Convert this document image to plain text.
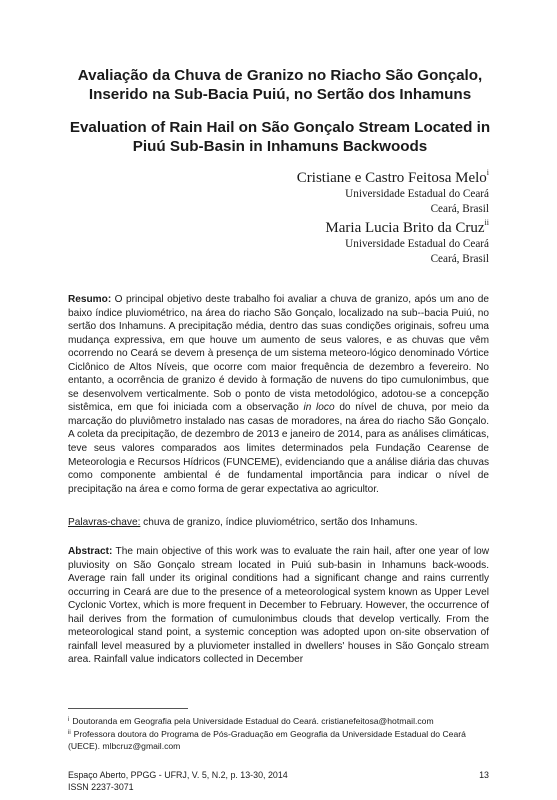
Avaliação da Chuva de Granizo no Riacho São Gonçalo,
Inserido na Sub-Bacia Puiú, no Sertão dos Inhamuns
Evaluation of Rain Hail on São Gonçalo Stream Located in
Piuú Sub-Basin in Inhamuns Backwoods
Cristiane e Castro Feitosa Melo$^i$
Universidade Estadual do Ceará
Ceará, Brasil
Maria Lucia Brito da Cruz$^{ii}$
Universidade Estadual do Ceará
Ceará, Brasil

Resumo: O principal objetivo deste trabalho foi avaliar a chuva de granizo, após um ano de baixo índice pluviométrico, na área do riacho São Gonçalo, localizado na sub--bacia Puiú, no sertão dos Inhamuns. A precipitação média, dentro das suas condições originais, sofreu uma mudança expressiva, em que houve um aumento de seus valores, e as chuvas que vêm ocorrendo no Ceará se devem à presença de um sistema meteoro-lógico denominado Vórtice Ciclônico de Altos Níveis, que ocorre com maior frequência de dezembro a fevereiro. No entanto, a ocorrência de granizo é devido à formação de nuvens do tipo cumulonimbus, que se desenvolvem verticalmente. Sob o ponto de vista metodológico, adotou-se a concepção sistêmica, em que foi iniciada com a observação in loco do nível de chuva, por meio da marcação do pluviômetro instalado nas casas de moradores, na área do riacho São Gonçalo. A coleta da precipitação, de dezembro de 2013 e janeiro de 2014, para as análises climáticas, teve seus valores comparados aos limites determinados pela Fundação Cearense de Meteorologia e Recursos Hídricos (FUNCEME), evidenciando que a análise diária das chuvas como componente ambiental é de fundamental importância para indicar o nível de precipitação na área e como forma de gerar expectativa ao agricultor.

Palavras-chave: chuva de granizo, índice pluviométrico, sertão dos Inhamuns.

Abstract: The main objective of this work was to evaluate the rain hail, after one year of low pluviosity on São Gonçalo stream located in Puiú sub-basin in Inhamuns back-woods. Average rain fall under its original conditions had a significant change and rains currently occurring in Ceará are due to the presence of a meteorological system known as Upper Level Cyclonic Vortex, which is more frequent in December to February. However, the occurrence of hail derives from the formation of cumulonimbus clouds that develop vertically. From the meteorological stand point, a systemic conception was adopted upon on-site observation of rainfall level measured by a pluviometer installed in dwellers' houses in São Gonçalo stream area. Rainfall value indicators collected in December

$^i$ Doutoranda em Geografia pela Universidade Estadual do Ceará. cristianefeitosa@hotmail.com

$^{ii}$ Professora doutora do Programa de Pós-Graduação em Geografia da Universidade Estadual do Ceará (UECE). mlbcruz@gmail.com

Espaço Aberto, PPGG - UFRJ, V. 5, N.2, p. 13-30, 2014
ISSN 2237-3071
13
